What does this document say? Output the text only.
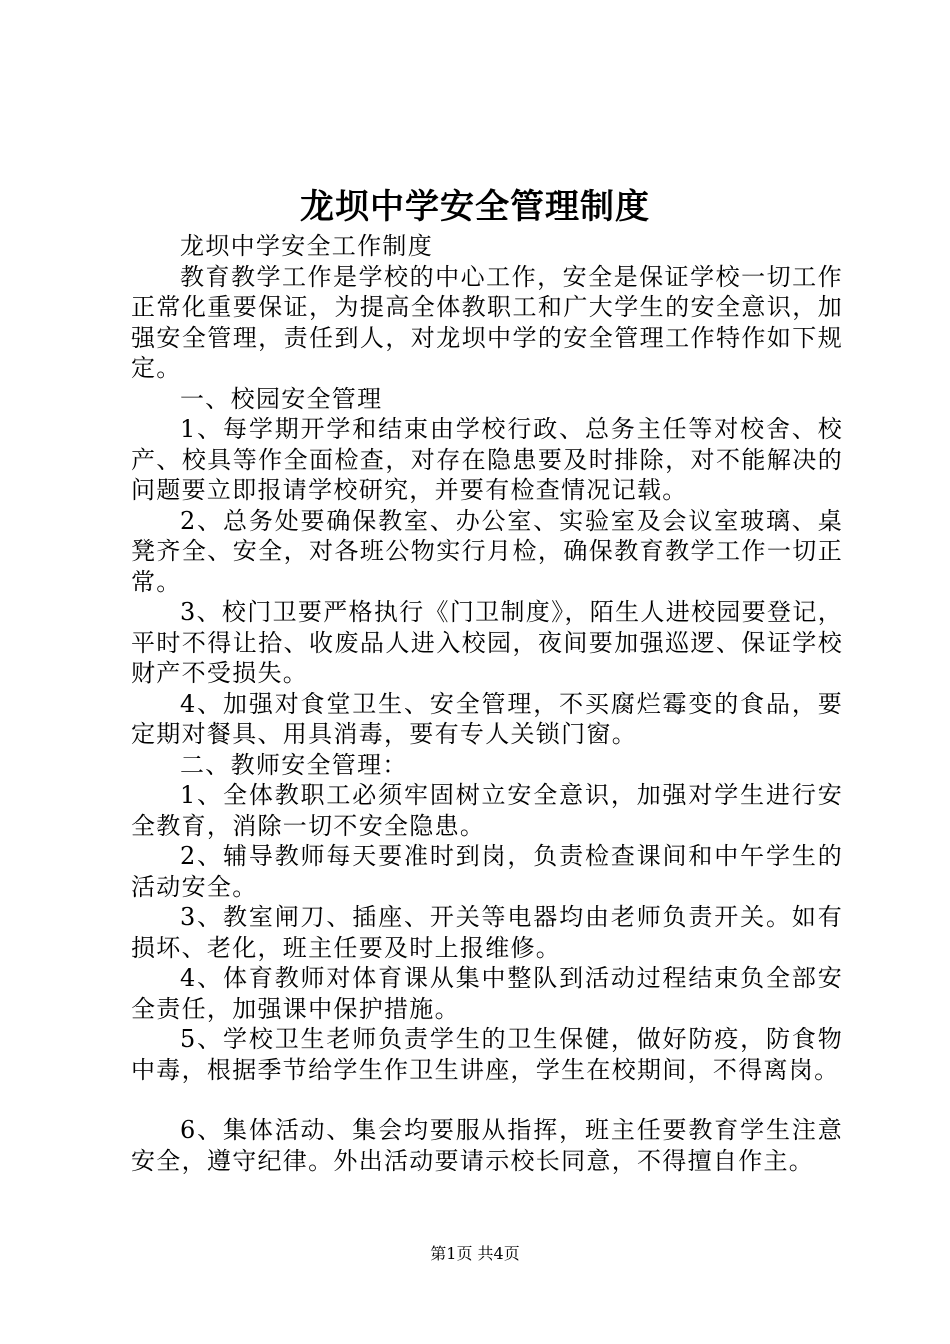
龙坝中学安全管理制度

龙坝中学安全工作制度

教育教学工作是学校的中心工作，安全是保证学校一切工作正常化重要保证，为提高全体教职工和广大学生的安全意识，加强安全管理，责任到人，对龙坝中学的安全管理工作特作如下规定。

一、校园安全管理

1、每学期开学和结束由学校行政、总务主任等对校舍、校产、校具等作全面检查，对存在隐患要及时排除，对不能解决的问题要立即报请学校研究，并要有检查情况记载。

2、总务处要确保教室、办公室、实验室及会议室玻璃、桌凳齐全、安全，对各班公物实行月检，确保教育教学工作一切正常。

3、校门卫要严格执行《门卫制度》，陌生人进校园要登记，平时不得让拾、收废品人进入校园，夜间要加强巡逻、保证学校财产不受损失。

4、加强对食堂卫生、安全管理，不买腐烂霉变的食品，要定期对餐具、用具消毒，要有专人关锁门窗。

二、教师安全管理：

1、全体教职工必须牢固树立安全意识，加强对学生进行安全教育，消除一切不安全隐患。

2、辅导教师每天要准时到岗，负责检查课间和中午学生的活动安全。

3、教室闸刀、插座、开关等电器均由老师负责开关。如有损坏、老化，班主任要及时上报维修。

4、体育教师对体育课从集中整队到活动过程结束负全部安全责任，加强课中保护措施。

5、学校卫生老师负责学生的卫生保健，做好防疫，防食物中毒，根据季节给学生作卫生讲座，学生在校期间，不得离岗。

6、集体活动、集会均要服从指挥，班主任要教育学生注意安全，遵守纪律。外出活动要请示校长同意，不得擅自作主。

第1页 共4页
